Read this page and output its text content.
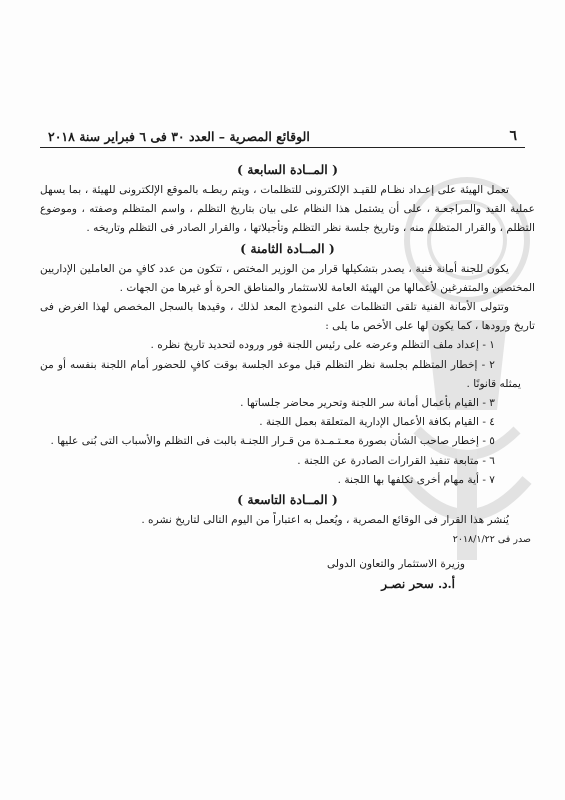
٦
الوقائع المصرية – العدد ٣٠ فى ٦ فبراير سنة ٢٠١٨
( المــادة السابعة )

تعمل الهيئة على إعـداد نظـام للقيـد الإلكترونى للتظلمات ، ويتم ربطـه بالموقع الإلكترونى للهيئة ، بما يسهل عملية القيد والمراجعـة ، على أن يشتمل هذا النظام على بيان بتاريخ التظلم ، واسم المتظلم وصفته ، وموضوع التظلم ، والقرار المتظلم منه ، وتاريخ جلسة نظر التظلم وتأجيلاتها ، والقرار الصادر فى التظلم وتاريخه .

( المــادة الثامنة )

يكون للجنة أمانة فنية ، يصدر بتشكيلها قرار من الوزير المختص ، تتكون من عدد كافٍ من العاملين الإداريين المختصين والمتفرغين لأعمالها من الهيئة العامة للاستثمار والمناطق الحرة أو غيرها من الجهات .

وتتولى الأمانة الفنية تلقى التظلمات على النموذج المعد لذلك ، وقيدها بالسجل المخصص لهذا الغرض فى تاريخ ورودها ، كما يكون لها على الأخص ما يلى :

١ - إعداد ملف التظلم وعرضه على رئيس اللجنة فور وروده لتحديد تاريخ نظره .

٢ - إخطار المتظلم بجلسة نظر التظلم قبل موعد الجلسة بوقت كافٍ للحضور أمام اللجنة بنفسه أو من يمثله قانونًا .

٣ - القيام بأعمال أمانة سر اللجنة وتحرير محاضر جلساتها .

٤ - القيام بكافة الأعمال الإدارية المتعلقة بعمل اللجنة .

٥ - إخطار صاحب الشأن بصورة معـتـمـدة من قـرار اللجنـة بالبت فى التظلم والأسباب التى بُنى عليها .

٦ - متابعة تنفيذ القرارات الصادرة عن اللجنة .

٧ - أية مهام أخرى تكلفها بها اللجنة .

( المــادة التاسعة )

يُنشر هذا القرار فى الوقائع المصرية ، ويُعمل به اعتباراً من اليوم التالى لتاريخ نشره .

صدر فى ٢٠١٨/١/٢٢

وزيرة الاستثمار والتعاون الدولى

أ.د. سحر نصـر
